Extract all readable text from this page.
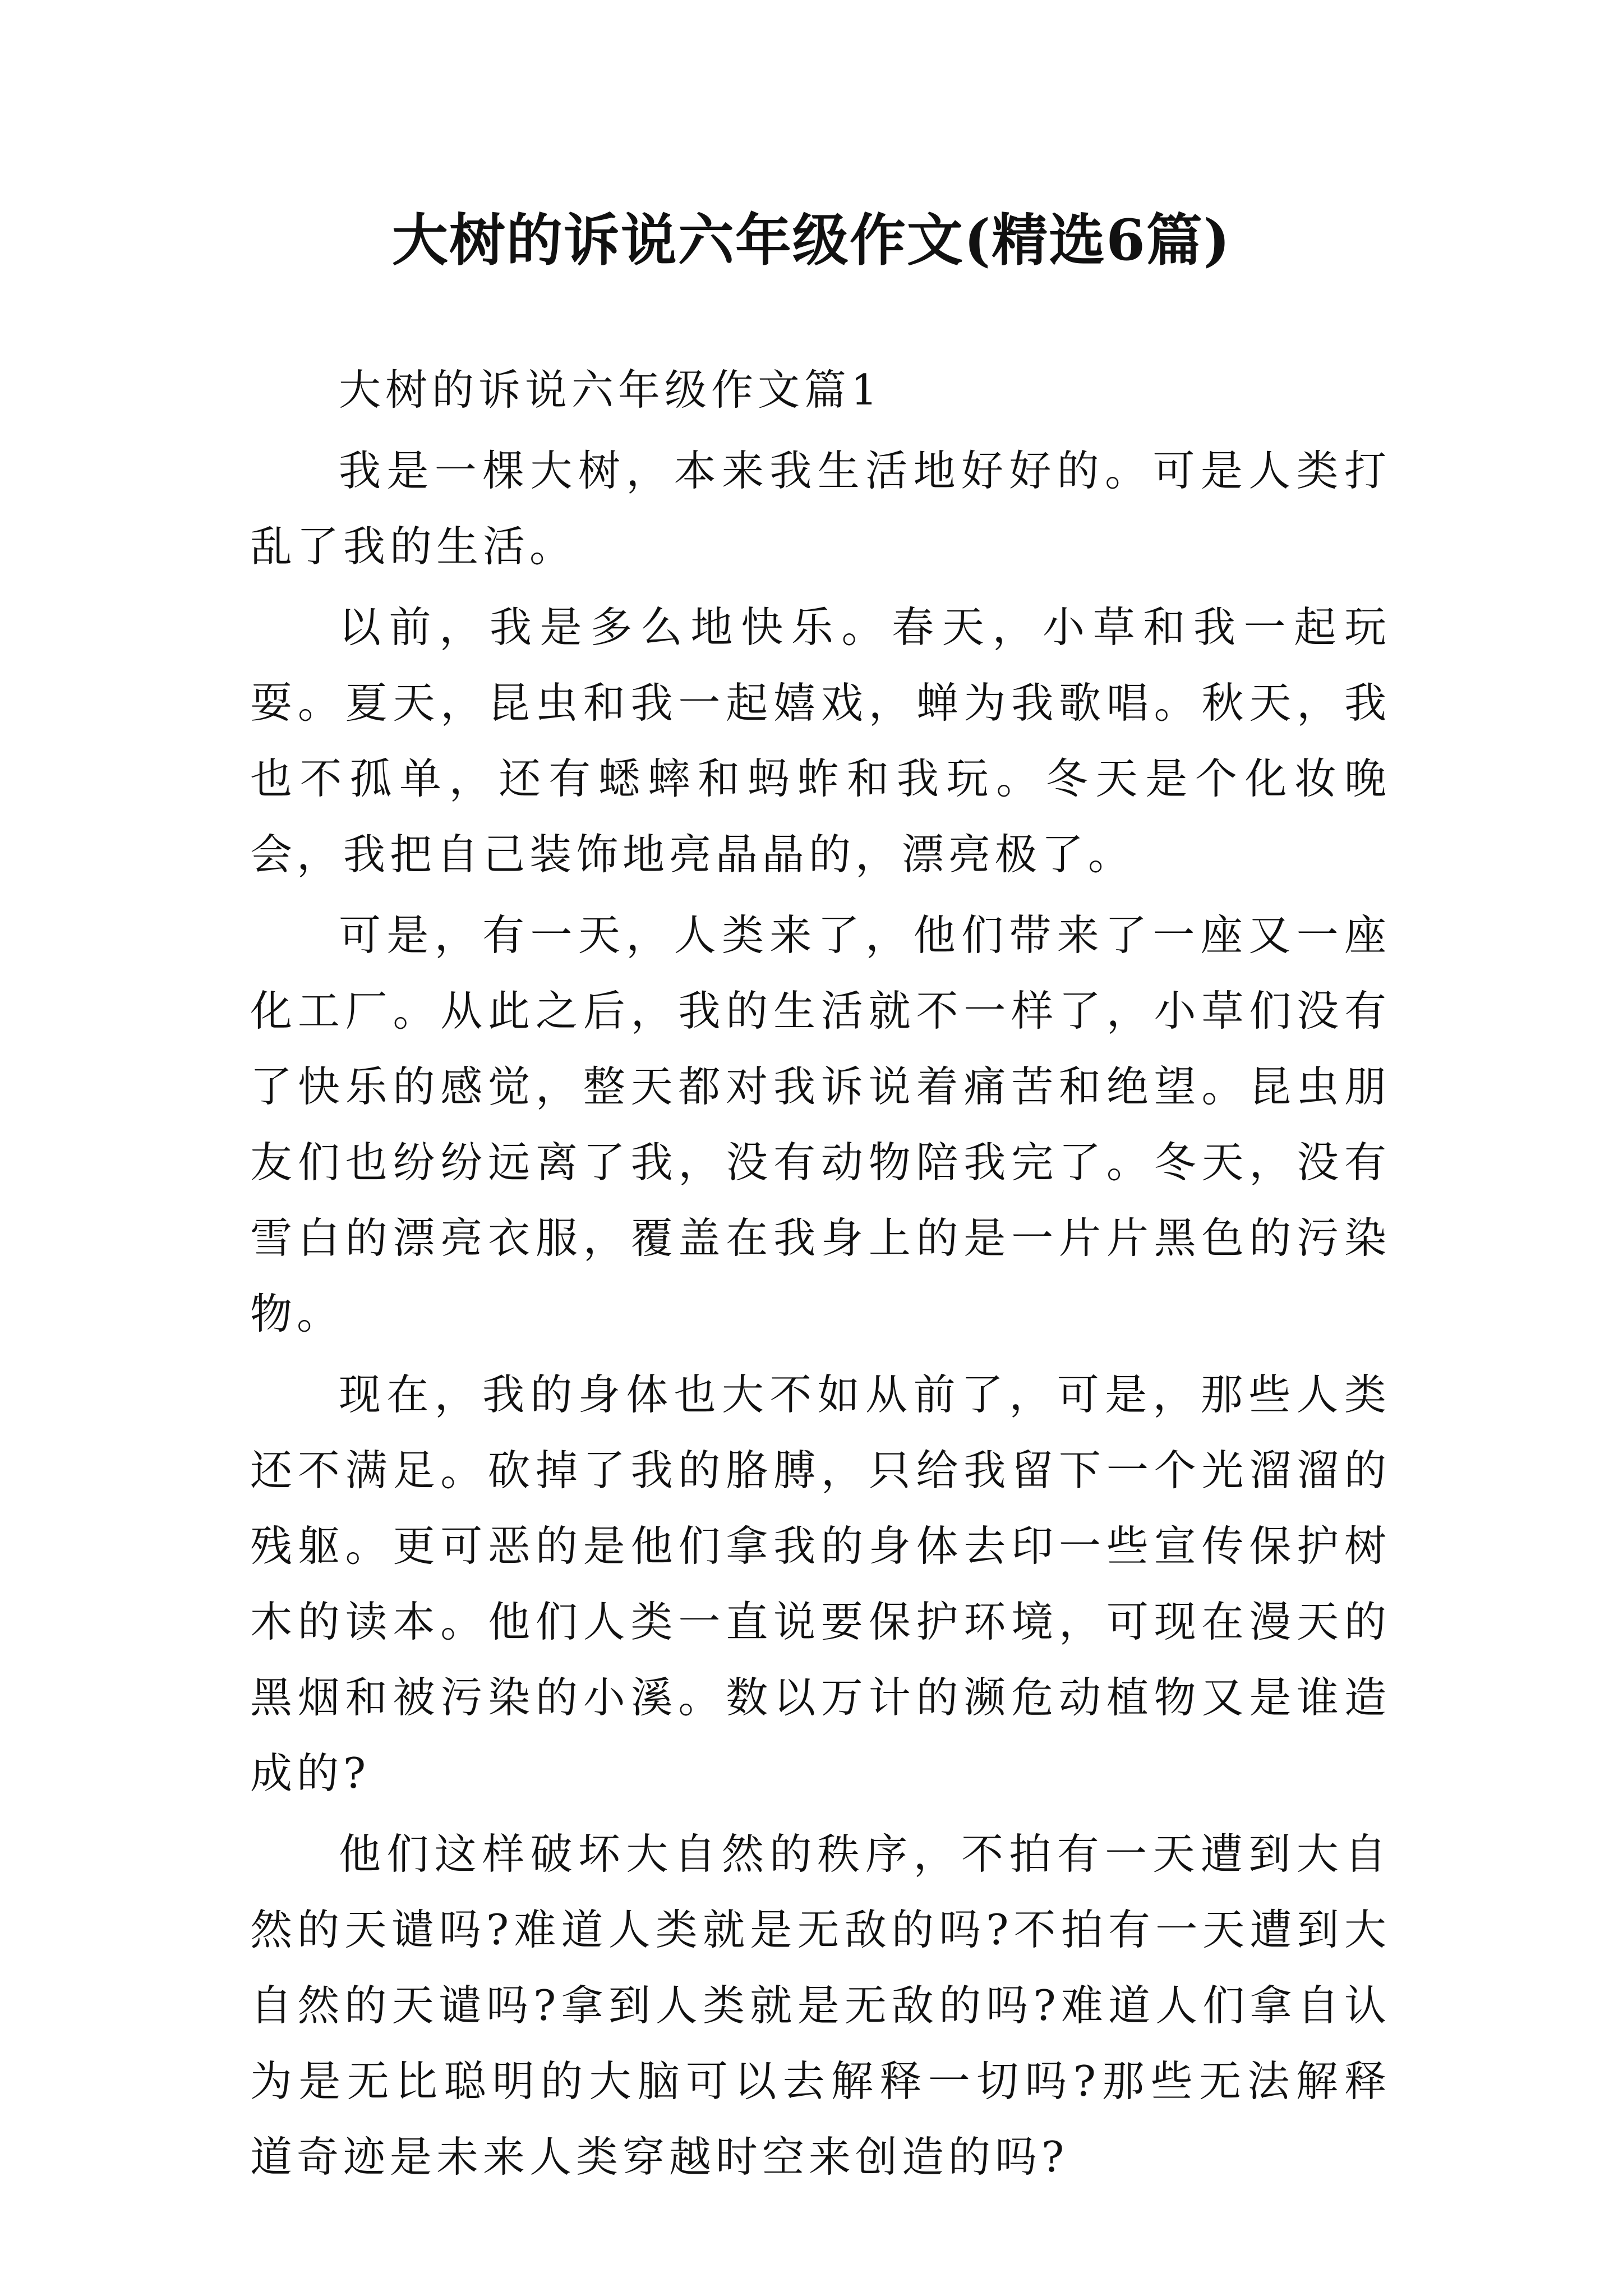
大树的诉说六年级作文(精选6篇)

大树的诉说六年级作文篇1

我是一棵大树，本来我生活地好好的。可是人类打乱了我的生活。

以前，我是多么地快乐。春天，小草和我一起玩耍。夏天，昆虫和我一起嬉戏，蝉为我歌唱。秋天，我也不孤单，还有蟋蟀和蚂蚱和我玩。冬天是个化妆晚会，我把自己装饰地亮晶晶的，漂亮极了。

可是，有一天，人类来了，他们带来了一座又一座化工厂。从此之后，我的生活就不一样了，小草们没有了快乐的感觉，整天都对我诉说着痛苦和绝望。昆虫朋友们也纷纷远离了我，没有动物陪我完了。冬天，没有雪白的漂亮衣服，覆盖在我身上的是一片片黑色的污染物。

现在，我的身体也大不如从前了，可是，那些人类还不满足。砍掉了我的胳膊，只给我留下一个光溜溜的残躯。更可恶的是他们拿我的身体去印一些宣传保护树木的读本。他们人类一直说要保护环境，可现在漫天的黑烟和被污染的小溪。数以万计的濒危动植物又是谁造成的?

他们这样破坏大自然的秩序，不拍有一天遭到大自然的天谴吗?难道人类就是无敌的吗?不拍有一天遭到大自然的天谴吗?拿到人类就是无敌的吗?难道人们拿自认为是无比聪明的大脑可以去解释一切吗?那些无法解释道奇迹是未来人类穿越时空来创造的吗?
